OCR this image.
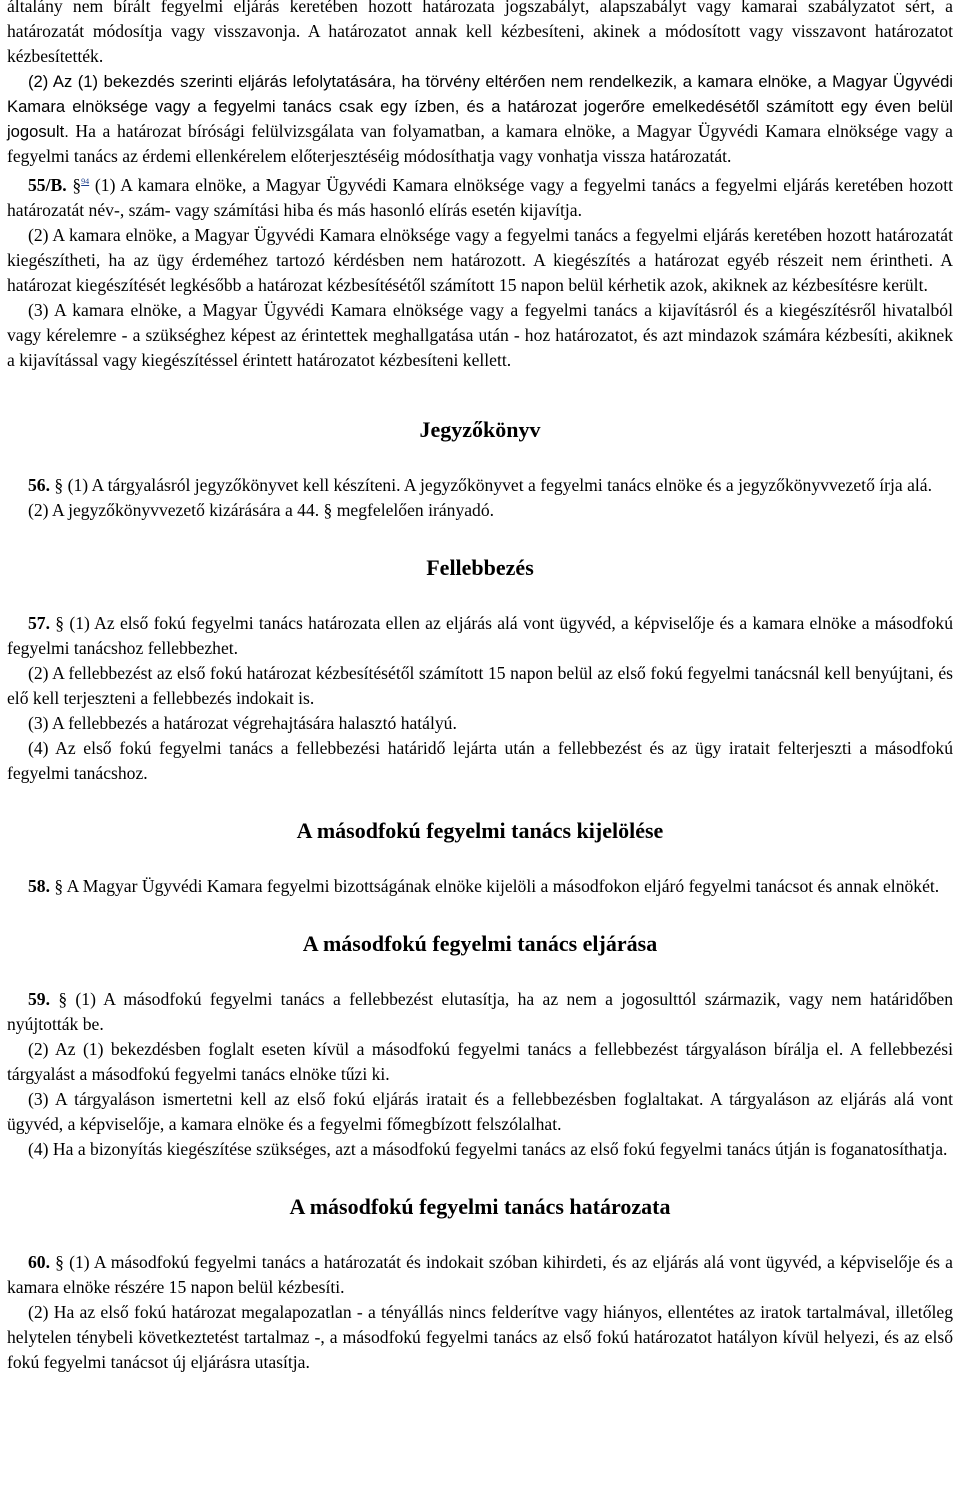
általány nem bírált fegyelmi eljárás keretében hozott határozata jogszabályt, alapszabályt vagy kamarai szabályzatot sért, a határozatát módosítja vagy visszavonja. A határozatot annak kell kézbesíteni, akinek a módosított vagy visszavont határozatot kézbesítették.

(2) Az (1) bekezdés szerinti eljárás lefolytatására, ha törvény eltérően nem rendelkezik, a kamara elnöke, a Magyar Ügyvédi Kamara elnöksége vagy a fegyelmi tanács csak egy ízben, és a határozat jogerőre emelkedésétől számított egy éven belül jogosult. Ha a határozat bírósági felülvizsgálata van folyamatban, a kamara elnöke, a Magyar Ügyvédi Kamara elnöksége vagy a fegyelmi tanács az érdemi ellenkérelem előterjesztéséig módosíthatja vagy vonhatja vissza határozatát.

55/B. §$^{94}$ (1) A kamara elnöke, a Magyar Ügyvédi Kamara elnöksége vagy a fegyelmi tanács a fegyelmi eljárás keretében hozott határozatát név-, szám- vagy számítási hiba és más hasonló elírás esetén kijavítja.

(2) A kamara elnöke, a Magyar Ügyvédi Kamara elnöksége vagy a fegyelmi tanács a fegyelmi eljárás keretében hozott határozatát kiegészítheti, ha az ügy érdeméhez tartozó kérdésben nem határozott. A kiegészítés a határozat egyéb részeit nem érintheti. A határozat kiegészítését legkésőbb a határozat kézbesítésétől számított 15 napon belül kérhetik azok, akiknek az kézbesítésre került.

(3) A kamara elnöke, a Magyar Ügyvédi Kamara elnöksége vagy a fegyelmi tanács a kijavításról és a kiegészítésről hivatalból vagy kérelemre - a szükséghez képest az érintettek meghallgatása után - hoz határozatot, és azt mindazok számára kézbesíti, akiknek a kijavítással vagy kiegészítéssel érintett határozatot kézbesíteni kellett.

Jegyzőkönyv

56. § (1) A tárgyalásról jegyzőkönyvet kell készíteni. A jegyzőkönyvet a fegyelmi tanács elnöke és a jegyzőkönyvvezető írja alá.

(2) A jegyzőkönyvvezető kizárására a 44. § megfelelően irányadó.

Fellebbezés

57. § (1) Az első fokú fegyelmi tanács határozata ellen az eljárás alá vont ügyvéd, a képviselője és a kamara elnöke a másodfokú fegyelmi tanácshoz fellebbezhet.

(2) A fellebbezést az első fokú határozat kézbesítésétől számított 15 napon belül az első fokú fegyelmi tanácsnál kell benyújtani, és elő kell terjeszteni a fellebbezés indokait is.

(3) A fellebbezés a határozat végrehajtására halasztó hatályú.

(4) Az első fokú fegyelmi tanács a fellebbezési határidő lejárta után a fellebbezést és az ügy iratait felterjeszti a másodfokú fegyelmi tanácshoz.

A másodfokú fegyelmi tanács kijelölése

58. § A Magyar Ügyvédi Kamara fegyelmi bizottságának elnöke kijelöli a másodfokon eljáró fegyelmi tanácsot és annak elnökét.

A másodfokú fegyelmi tanács eljárása

59. § (1) A másodfokú fegyelmi tanács a fellebbezést elutasítja, ha az nem a jogosulttól származik, vagy nem határidőben nyújtották be.

(2) Az (1) bekezdésben foglalt eseten kívül a másodfokú fegyelmi tanács a fellebbezést tárgyaláson bírálja el. A fellebbezési tárgyalást a másodfokú fegyelmi tanács elnöke tűzi ki.

(3) A tárgyaláson ismertetni kell az első fokú eljárás iratait és a fellebbezésben foglaltakat. A tárgyaláson az eljárás alá vont ügyvéd, a képviselője, a kamara elnöke és a fegyelmi főmegbízott felszólalhat.

(4) Ha a bizonyítás kiegészítése szükséges, azt a másodfokú fegyelmi tanács az első fokú fegyelmi tanács útján is foganatosíthatja.

A másodfokú fegyelmi tanács határozata

60. § (1) A másodfokú fegyelmi tanács a határozatát és indokait szóban kihirdeti, és az eljárás alá vont ügyvéd, a képviselője és a kamara elnöke részére 15 napon belül kézbesíti.

(2) Ha az első fokú határozat megalapozatlan - a tényállás nincs felderítve vagy hiányos, ellentétes az iratok tartalmával, illetőleg helytelen ténybeli következtetést tartalmaz -, a másodfokú fegyelmi tanács az első fokú határozatot hatályon kívül helyezi, és az első fokú fegyelmi tanácsot új eljárásra utasítja.
